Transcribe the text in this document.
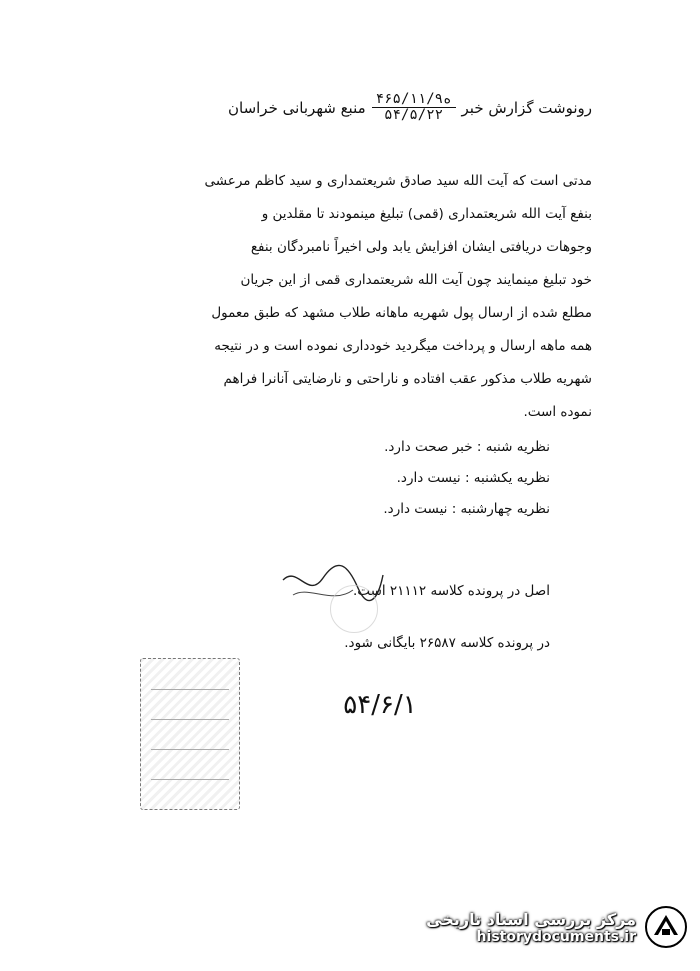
رونوشت گزارش خبر
$\frac{\text{۴۶۵/۱۱/۹ه}}{۵۴/۵/۲۲}$
منبع شهربانی خراسان
مدتی است که آیت الله سید صادق شریعتمداری و سید کاظم مرعشی
بنفع آیت الله شریعتمداری (قمی) تبلیغ مینمودند تا مقلدین و
وجوهات دریافتی ایشان افزایش یابد ولی اخیراً نامبردگان بنفع
خود تبلیغ مینمایند چون آیت الله شریعتمداری قمی از این جریان
مطلع شده از ارسال پول شهریه ماهانه طلاب مشهد که طبق معمول
همه ماهه ارسال و پرداخت میگردید خودداری نموده است و در نتیجه
شهریه طلاب مذکور عقب افتاده و ناراحتی و نارضایتی آنانرا فراهم
نموده است.
نظریه شنبه : خبر صحت دارد.
نظریه یکشنبه : نیست دارد.
نظریه چهارشنبه : نیست دارد.
اصل در پرونده کلاسه ۲۱۱۱۲ است.
در پرونده کلاسه ۲۶۵۸۷ بایگانی شود.
۵۴/۶/۱
مرکز بررسی اسناد تاریخی
historydocuments.ir
